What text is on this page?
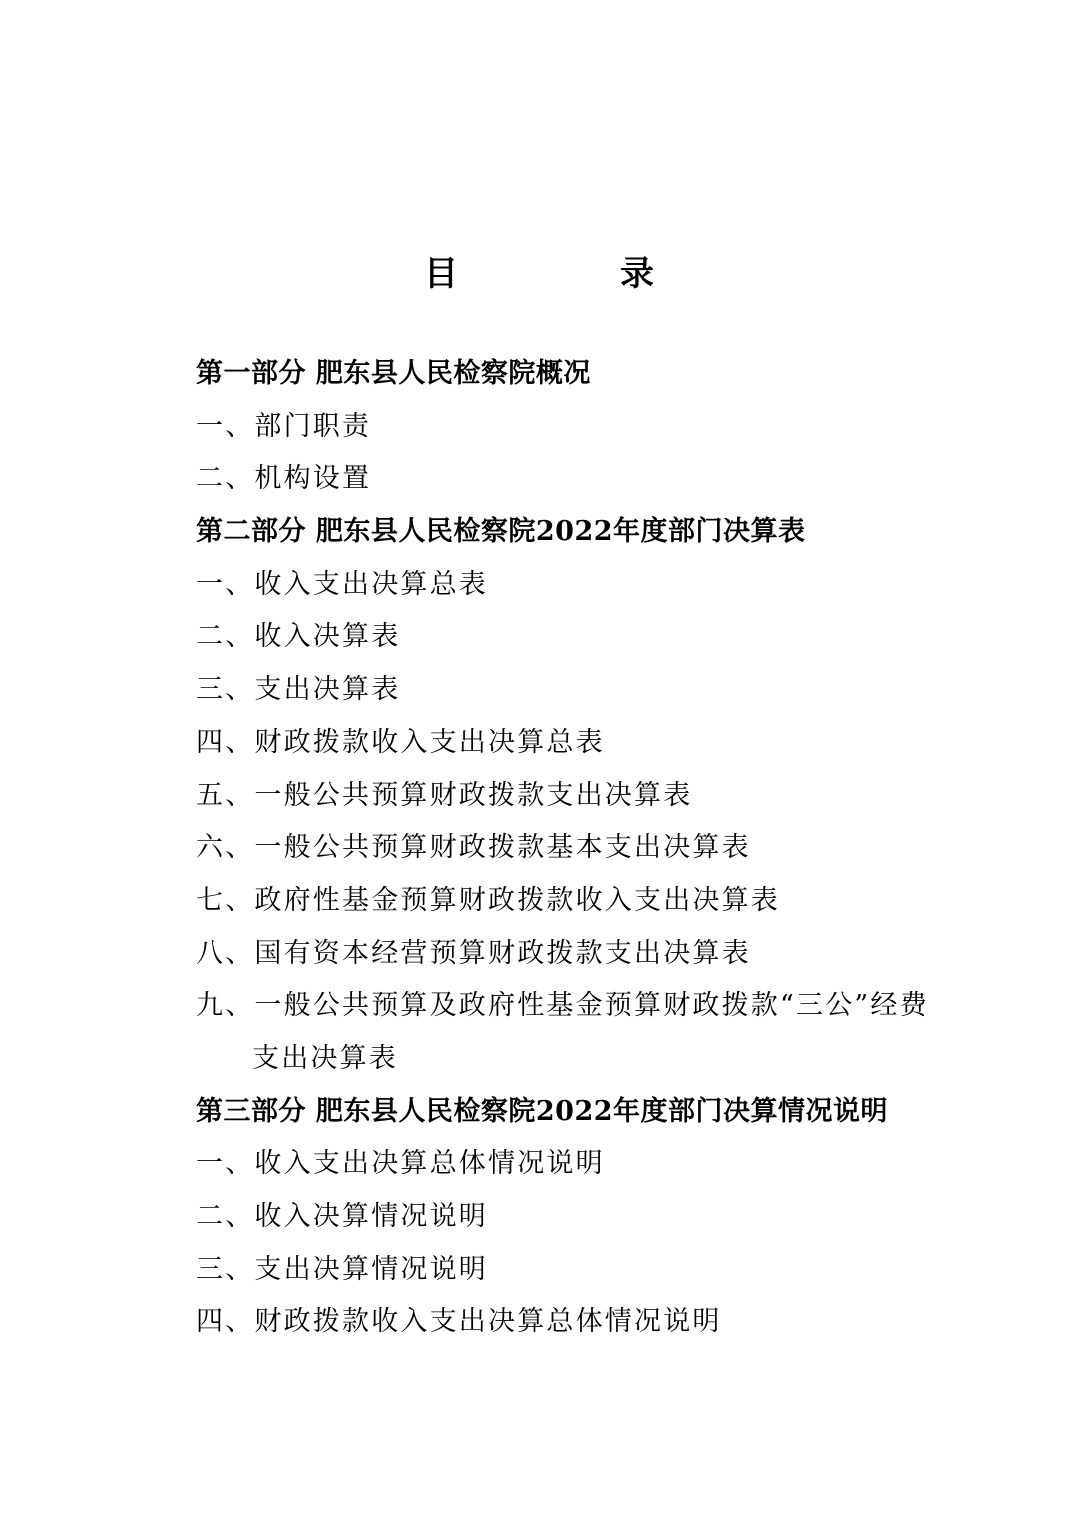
目	录
第一部分 肥东县人民检察院概况
一、部门职责
二、机构设置
第二部分 肥东县人民检察院2022年度部门决算表
一、收入支出决算总表
二、收入决算表
三、支出决算表
四、财政拨款收入支出决算总表
五、一般公共预算财政拨款支出决算表
六、一般公共预算财政拨款基本支出决算表
七、政府性基金预算财政拨款收入支出决算表
八、国有资本经营预算财政拨款支出决算表
九、一般公共预算及政府性基金预算财政拨款“三公”经费
支出决算表
第三部分 肥东县人民检察院2022年度部门决算情况说明
一、收入支出决算总体情况说明
二、收入决算情况说明
三、支出决算情况说明
四、财政拨款收入支出决算总体情况说明
